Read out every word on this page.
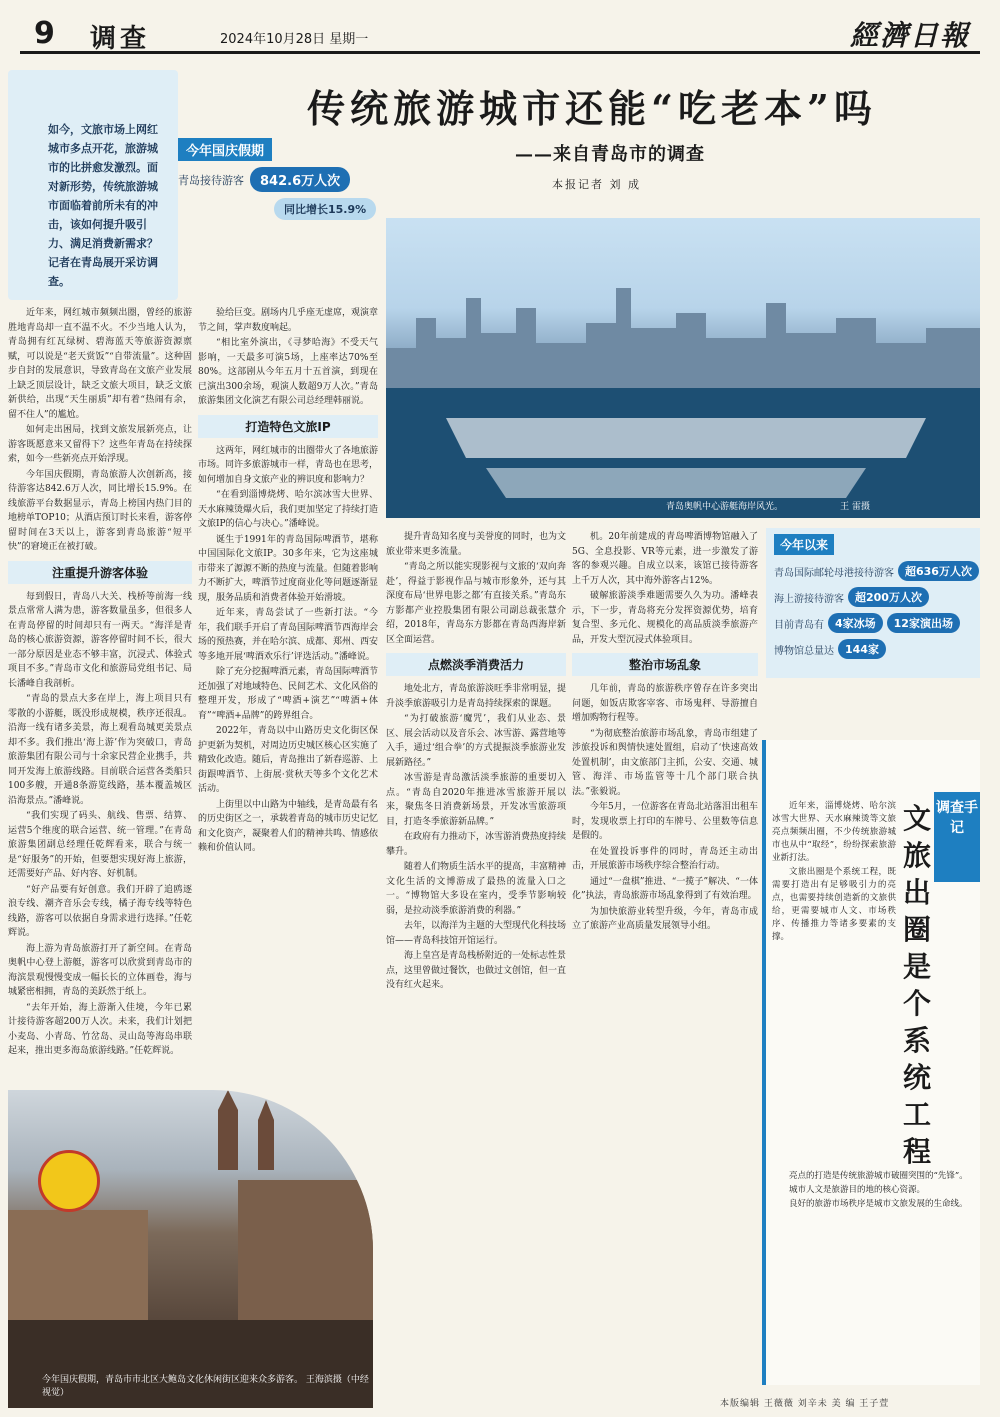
9 调查	2024年10月28日 星期一	經濟日報

如今，文旅市场上网红城市多点开花，旅游城市的比拼愈发激烈。面对新形势，传统旅游城市面临着前所未有的冲击，该如何提升吸引力、满足消费新需求？记者在青岛展开采访调查。

传统旅游城市还能“吃老本”吗
——来自青岛市的调查
本报记者 刘 成
今年国庆假期
青岛接待游客	842.6万人次
同比增长15.9%
青岛奥帆中心游艇海岸风光。	王 雷摄
今年以来
青岛国际邮轮母港接待游客	超636万人次
海上游接待游客	超200万人次
目前青岛有	4家冰场	12家演出场
博物馆总量达	144家

近年来，网红城市频频出圈，曾经的旅游胜地青岛却一直不温不火。不少当地人认为，青岛拥有红瓦绿树、碧海蓝天等旅游资源禀赋，可以说是“老天赏饭”“自带流量”。这种固步自封的发展意识，导致青岛在文旅产业发展上缺乏顶层设计，缺乏文旅大项目，缺乏文旅新供给，出现“天生丽质”却有着“热闹有余，留不住人”的尴尬。

如何走出困局，找到文旅发展新亮点，让游客既愿意来又留得下？这些年青岛在持续探索，如今一些新亮点开始浮现。

今年国庆假期，青岛旅游人次创新高，接待游客达842.6万人次，同比增长15.9%。在线旅游平台数据显示，青岛上榜国内热门目的地榜单TOP10；从酒店预订时长来看，游客停留时间在3天以上，游客到青岛旅游“短平快”的窘境正在被打破。

注重提升游客体验

每到假日，青岛八大关、栈桥等前海一线景点常常人满为患，游客数量虽多，但很多人在青岛停留的时间却只有一两天。“海洋是青岛的核心旅游资源，游客停留时间不长，很大一部分原因是业态不够丰富，沉浸式、体验式项目不多。”青岛市文化和旅游局党组书记、局长潘峰自我剖析。

“青岛的景点大多在岸上，海上项目只有零散的小游艇，既没形成规模，秩序还很乱。沿海一线有诸多美景，海上观看岛城更美景点却不多。我们推出‘海上游’作为突破口，青岛旅游集团有限公司与十余家民营企业携手，共同开发海上旅游线路。目前联合运营各类船只100多艘，开通8条游览线路，基本覆盖城区沿海景点。”潘峰说。

“我们实现了码头、航线、售票、结算、运营5个维度的联合运营、统一管理。”在青岛旅游集团副总经理任乾辉看来，联合与统一是“好服务”的开始，但要想实现好海上旅游，还需要好产品、好内容、好机制。

“好产品要有好创意。我们开辟了追鸥逐浪专线、潮齐音乐会专线，橘子海专线等特色线路，游客可以依据自身需求进行选择。”任乾辉说。

海上游为青岛旅游打开了新空间。在青岛奥帆中心登上游艇，游客可以欣赏到青岛市的海滨景观慢慢变成一幅长长的立体画卷，海与城紧密相拥，青岛的美跃然于纸上。

“去年开始，海上游渐入佳境，今年已累计接待游客超200万人次。未来，我们计划把小麦岛、小青岛、竹岔岛、灵山岛等海岛串联起来，推出更多海岛旅游线路。”任乾辉说。

验给巨变。剧场内几乎座无虚席，观演章节之间，掌声数度响起。

“相比室外演出，《寻梦哈海》不受天气影响，一天最多可演5场，上座率达70%至80%。这部剧从今年五月十五首演，到现在已演出300余场，观演人数超9万人次。”青岛旅游集团文化演艺有限公司总经理韩丽说。

打造特色文旅IP

这两年，网红城市的出圈带火了各地旅游市场。同许多旅游城市一样，青岛也在思考，如何增加自身文旅产业的辨识度和影响力？

“在看到淄博烧烤、哈尔滨冰雪大世界、天水麻辣烫爆火后，我们更加坚定了持续打造文旅IP的信心与决心。”潘峰说。

诞生于1991年的青岛国际啤酒节，堪称中国国际化文旅IP。30多年来，它为这座城市带来了源源不断的热度与流量。但随着影响力不断扩大，啤酒节过度商业化等问题逐渐显现，服务品质和消费者体验开始滑坡。

近年来，青岛尝试了一些新打法。“今年，我们联手开启了青岛国际啤酒节西海岸会场的预热赛，并在哈尔滨、成都、郑州、西安等多地开展‘啤酒欢乐行’评选活动。”潘峰说。

除了充分挖掘啤酒元素，青岛国际啤酒节还加强了对地域特色、民间艺术、文化风俗的整理开发，形成了“啤酒+演艺”“啤酒+体育”“啤酒+品牌”的跨界组合。

2022年，青岛以中山路历史文化街区保护更新为契机，对周边历史城区核心区实施了精致化改造。随后，青岛推出了新春巡游、上街跟啤酒节、上街展·赏秋天等多个文化艺术活动。

上街里以中山路为中轴线，是青岛最有名的历史街区之一，承载着青岛的城市历史记忆和文化资产，凝聚着人们的精神共鸣、情感依赖和价值认同。

提升青岛知名度与美誉度的同时，也为文旅业带来更多流量。

“青岛之所以能实现影视与文旅的‘双向奔赴’，得益于影视作品与城市形象外，还与其深度布局‘世界电影之都’有直接关系。”青岛东方影都产业控股集团有限公司副总裁张慧介绍，2018年，青岛东方影都在青岛西海岸新区全面运营。

点燃淡季消费活力

地处北方，青岛旅游淡旺季非常明显，提升淡季旅游吸引力是青岛持续探索的课题。

“为打破旅游‘魔咒’，我们从业态、景区、展会活动以及音乐会、冰雪游、露营地等入手，通过‘组合拳’的方式提振淡季旅游业发展新路径。”

冰雪游是青岛激活淡季旅游的重要切入点。“青岛自2020年推进冰雪旅游开展以来，聚焦冬日消费新场景，开发冰雪旅游项目，打造冬季旅游新品牌。”

在政府有力推动下，冰雪游消费热度持续攀升。

随着人们物质生活水平的提高，丰富精神文化生活的文博游成了最热的流量入口之一。“博物馆大多设在室内，受季节影响较弱，是拉动淡季旅游消费的利器。”

去年，以海洋为主题的大型现代化科技场馆——青岛科技馆开馆运行。

海上皇宫是青岛栈桥附近的一处标志性景点，这里曾做过餐饮，也做过文创馆，但一直没有红火起来。

机。20年前建成的青岛啤酒博物馆融入了5G、全息投影、VR等元素，进一步激发了游客的参观兴趣。自成立以来，该馆已接待游客上千万人次，其中海外游客占12%。

破解旅游淡季难题需要久久为功。潘峰表示，下一步，青岛将充分发挥资源优势，培育复合型、多元化、规模化的高品质淡季旅游产品，开发大型沉浸式体验项目。

整治市场乱象

几年前，青岛的旅游秩序曾存在许多突出问题，如饭店欺客宰客、市场鬼秤、导游擅自增加购物行程等。

“为彻底整治旅游市场乱象，青岛市组建了涉旅投诉和舆情快速处置组，启动了‘快速高效处置机制’，由文旅部门主抓，公安、交通、城管、海洋、市场监管等十几个部门联合执法。”张毅说。

今年5月，一位游客在青岛北站落泪出租车时，发现收票上打印的车牌号、公里数等信息是假的。

在处置投诉事件的同时，青岛还主动出击，开展旅游市场秩序综合整治行动。

通过“一盘棋”推进、“一揽子”解决、“一体化”执法，青岛旅游市场乱象得到了有效治理。

为加快旅游业转型升级，今年，青岛市成立了旅游产业高质量发展领导小组。

调查手记
文旅出圈是个系统工程

近年来，淄博烧烤、哈尔滨冰雪大世界、天水麻辣烫等文旅亮点频频出圈，不少传统旅游城市也从中“取经”，纷纷探索旅游业新打法。

文旅出圈是个系统工程，既需要打造出有足够吸引力的亮点，也需要持续创造新的文旅供给，更需要城市人文、市场秩序、传播推力等诸多要素的支撑。

亮点的打造是传统旅游城市破圈突围的“先锋”。

城市人文是旅游目的地的核心资源。

良好的旅游市场秩序是城市文旅发展的生命线。

今年国庆假期，青岛市市北区大鲍岛文化休闲街区迎来众多游客。 王海滨摄（中经视觉）
本版编辑 王薇薇 刘辛未 美 编 王子萱
